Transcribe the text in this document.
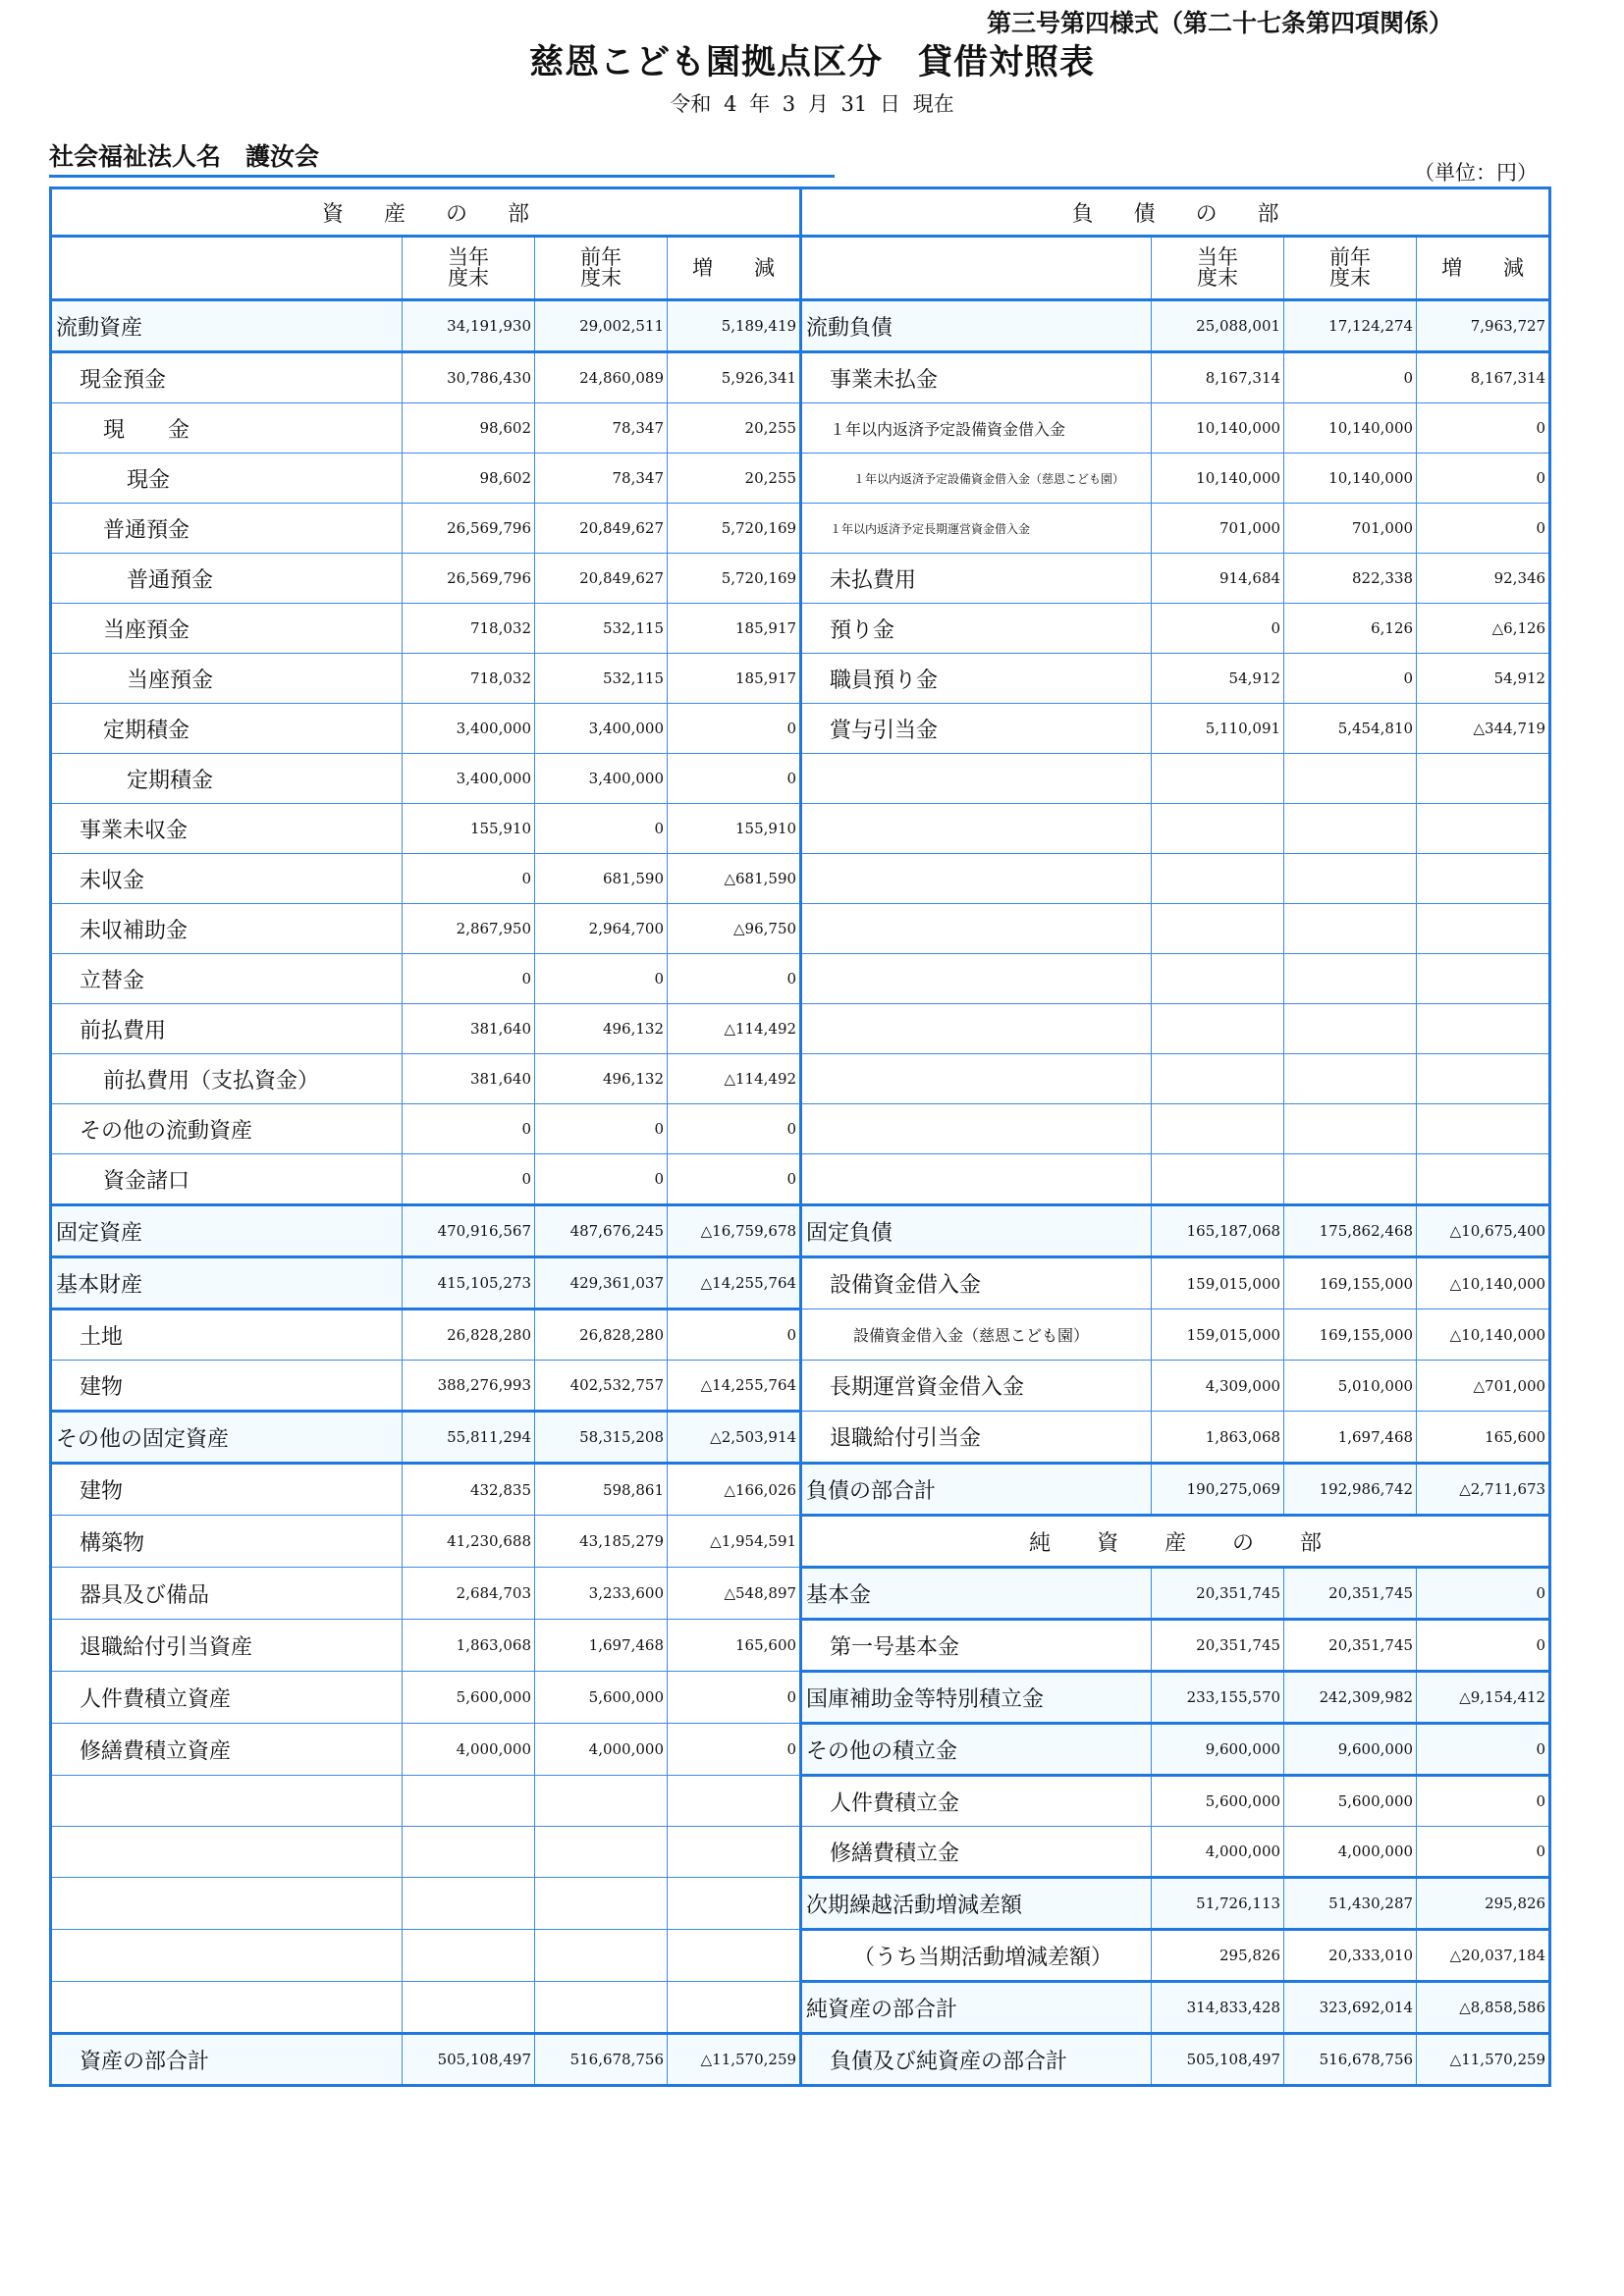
第三号第四様式（第二十七条第四項関係）
慈恩こども園拠点区分　貸借対照表
令和 4 年 3 月 31 日 現在
社会福祉法人名　護汝会
（単位：円）
資 産 の 部				負 債 の 部			
	当年
度末	前年
度末	増　　減		当年
度末	前年
度末	増　　減
流動資産	34,191,930	29,002,511	5,189,419	流動負債	25,088,001	17,124,274	7,963,727
現金預金	30,786,430	24,860,089	5,926,341	事業未払金	8,167,314	0	8,167,314
現　　金	98,602	78,347	20,255	１年以内返済予定設備資金借入金	10,140,000	10,140,000	0
現金	98,602	78,347	20,255	１年以内返済予定設備資金借入金（慈恩こども園）	10,140,000	10,140,000	0
普通預金	26,569,796	20,849,627	5,720,169	１年以内返済予定長期運営資金借入金	701,000	701,000	0
普通預金	26,569,796	20,849,627	5,720,169	未払費用	914,684	822,338	92,346
当座預金	718,032	532,115	185,917	預り金	0	6,126	△6,126
当座預金	718,032	532,115	185,917	職員預り金	54,912	0	54,912
定期積金	3,400,000	3,400,000	0	賞与引当金	5,110,091	5,454,810	△344,719
定期積金	3,400,000	3,400,000	0				
事業未収金	155,910	0	155,910				
未収金	0	681,590	△681,590				
未収補助金	2,867,950	2,964,700	△96,750				
立替金	0	0	0				
前払費用	381,640	496,132	△114,492				
前払費用（支払資金）	381,640	496,132	△114,492				
その他の流動資産	0	0	0				
資金諸口	0	0	0				
固定資産	470,916,567	487,676,245	△16,759,678	固定負債	165,187,068	175,862,468	△10,675,400
基本財産	415,105,273	429,361,037	△14,255,764	設備資金借入金	159,015,000	169,155,000	△10,140,000
土地	26,828,280	26,828,280	0	設備資金借入金（慈恩こども園）	159,015,000	169,155,000	△10,140,000
建物	388,276,993	402,532,757	△14,255,764	長期運営資金借入金	4,309,000	5,010,000	△701,000
その他の固定資産	55,811,294	58,315,208	△2,503,914	退職給付引当金	1,863,068	1,697,468	165,600
建物	432,835	598,861	△166,026	負債の部合計	190,275,069	192,986,742	△2,711,673
構築物	41,230,688	43,185,279	△1,954,591	純 資 産 の 部			
器具及び備品	2,684,703	3,233,600	△548,897	基本金	20,351,745	20,351,745	0
退職給付引当資産	1,863,068	1,697,468	165,600	第一号基本金	20,351,745	20,351,745	0
人件費積立資産	5,600,000	5,600,000	0	国庫補助金等特別積立金	233,155,570	242,309,982	△9,154,412
修繕費積立資産	4,000,000	4,000,000	0	その他の積立金	9,600,000	9,600,000	0
				人件費積立金	5,600,000	5,600,000	0
				修繕費積立金	4,000,000	4,000,000	0
				次期繰越活動増減差額	51,726,113	51,430,287	295,826
				（うち当期活動増減差額）	295,826	20,333,010	△20,037,184
				純資産の部合計	314,833,428	323,692,014	△8,858,586
資産の部合計	505,108,497	516,678,756	△11,570,259	負債及び純資産の部合計	505,108,497	516,678,756	△11,570,259
